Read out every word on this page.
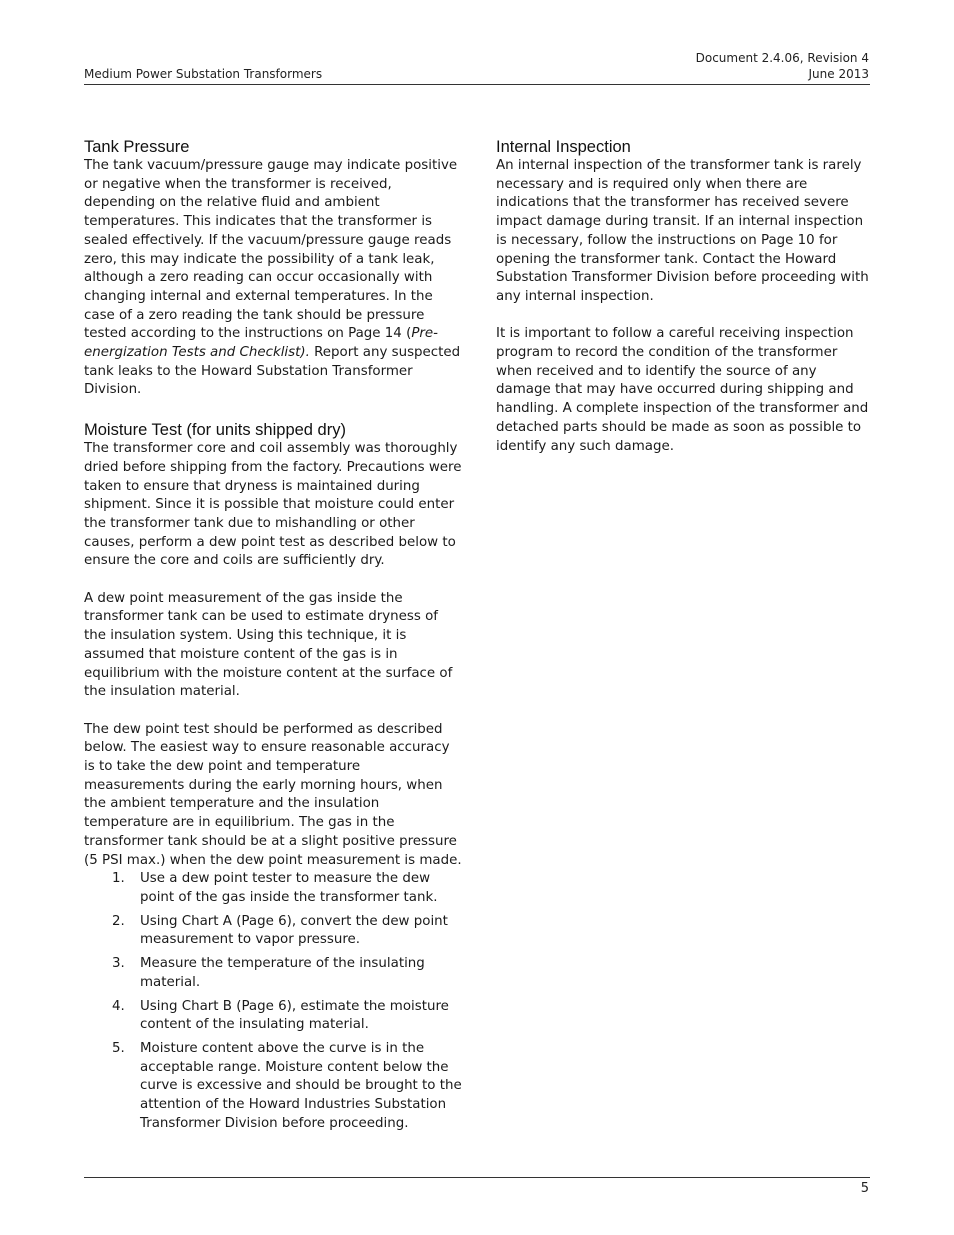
Medium Power Substation Transformers
Document 2.4.06, Revision 4
June 2013
Tank Pressure

The tank vacuum/pressure gauge may indicate positive or negative when the transformer is received, depending on the relative fluid and ambient temperatures. This indicates that the transformer is sealed effectively. If the vacuum/pressure gauge reads zero, this may indicate the possibility of a tank leak, although a zero reading can occur occasionally with changing internal and external temperatures. In the case of a zero reading the tank should be pressure tested according to the instructions on Page 14 (Pre-energization Tests and Checklist). Report any suspected tank leaks to the Howard Substation Transformer Division.

Moisture Test (for units shipped dry)

The transformer core and coil assembly was thoroughly dried before shipping from the factory. Precautions were taken to ensure that dryness is maintained during shipment. Since it is possible that moisture could enter the transformer tank due to mishandling or other causes, perform a dew point test as described below to ensure the core and coils are sufficiently dry.

A dew point measurement of the gas inside the transformer tank can be used to estimate dryness of the insulation system. Using this technique, it is assumed that moisture content of the gas is in equilibrium with the moisture content at the surface of the insulation material.

The dew point test should be performed as described below. The easiest way to ensure reasonable accuracy is to take the dew point and temperature measurements during the early morning hours, when the ambient temperature and the insulation temperature are in equilibrium. The gas in the transformer tank should be at a slight positive pressure (5 PSI max.) when the dew point measurement is made.

1. Use a dew point tester to measure the dew point of the gas inside the transformer tank.
2. Using Chart A (Page 6), convert the dew point measurement to vapor pressure.
3. Measure the temperature of the insulating material.
4. Using Chart B (Page 6), estimate the moisture content of the insulating material.
5. Moisture content above the curve is in the acceptable range. Moisture content below the curve is excessive and should be brought to the attention of the Howard Industries Substation Transformer Division before proceeding.
Internal Inspection

An internal inspection of the transformer tank is rarely necessary and is required only when there are indications that the transformer has received severe impact damage during transit. If an internal inspection is necessary, follow the instructions on Page 10 for opening the transformer tank. Contact the Howard Substation Transformer Division before proceeding with any internal inspection.

It is important to follow a careful receiving inspection program to record the condition of the transformer when received and to identify the source of any damage that may have occurred during shipping and handling. A complete inspection of the transformer and detached parts should be made as soon as possible to identify any such damage.

5
